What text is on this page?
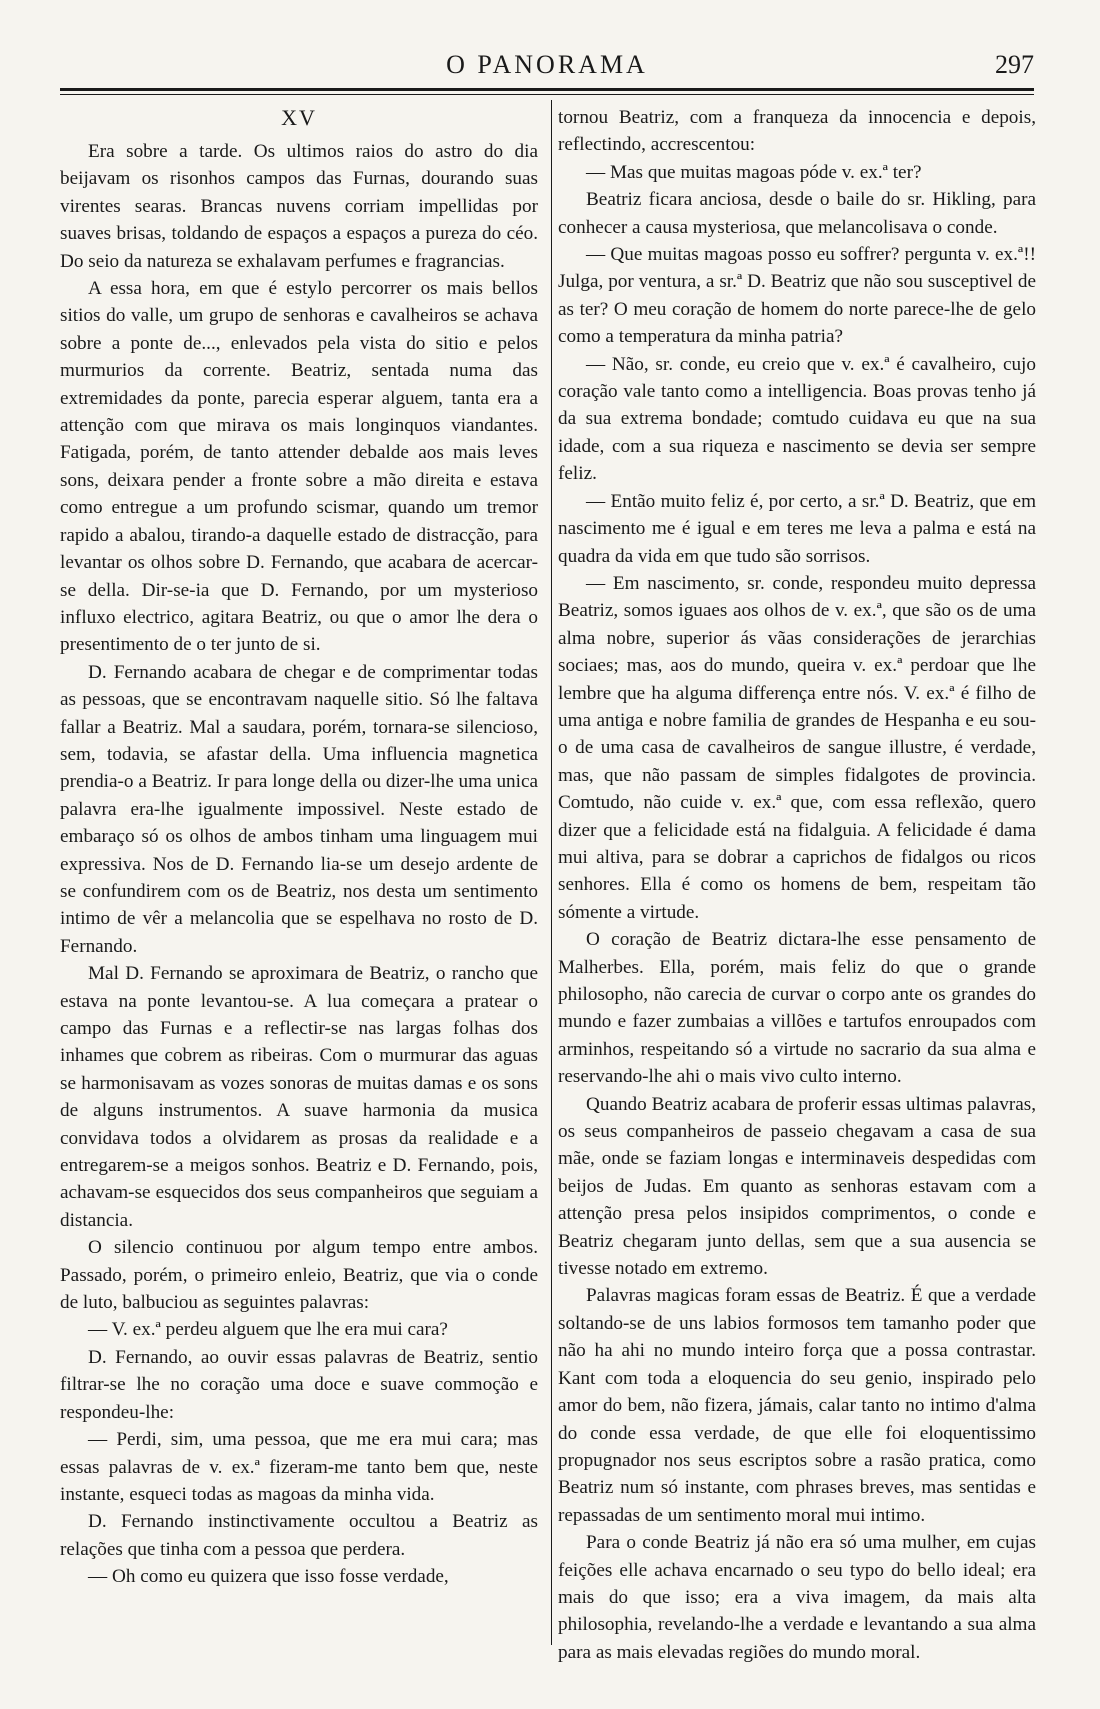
O PANORAMA	297
XV

Era sobre a tarde. Os ultimos raios do astro do dia beijavam os risonhos campos das Furnas, dourando suas virentes searas. Brancas nuvens corriam impellidas por suaves brisas, toldando de espaços a espaços a pureza do céo. Do seio da natureza se exhalavam perfumes e fragrancias.

A essa hora, em que é estylo percorrer os mais bellos sitios do valle, um grupo de senhoras e cavalheiros se achava sobre a ponte de..., enlevados pela vista do sitio e pelos murmurios da corrente. Beatriz, sentada numa das extremidades da ponte, parecia esperar alguem, tanta era a attenção com que mirava os mais longinquos viandantes. Fatigada, porém, de tanto attender debalde aos mais leves sons, deixara pender a fronte sobre a mão direita e estava como entregue a um profundo scismar, quando um tremor rapido a abalou, tirando-a daquelle estado de distracção, para levantar os olhos sobre D. Fernando, que acabara de acercar-se della. Dir-se-ia que D. Fernando, por um mysterioso influxo electrico, agitara Beatriz, ou que o amor lhe dera o presentimento de o ter junto de si.

D. Fernando acabara de chegar e de comprimentar todas as pessoas, que se encontravam naquelle sitio. Só lhe faltava fallar a Beatriz. Mal a saudara, porém, tornara-se silencioso, sem, todavia, se afastar della. Uma influencia magnetica prendia-o a Beatriz. Ir para longe della ou dizer-lhe uma unica palavra era-lhe igualmente impossivel. Neste estado de embaraço só os olhos de ambos tinham uma linguagem mui expressiva. Nos de D. Fernando lia-se um desejo ardente de se confundirem com os de Beatriz, nos desta um sentimento intimo de vêr a melancolia que se espelhava no rosto de D. Fernando.

Mal D. Fernando se aproximara de Beatriz, o rancho que estava na ponte levantou-se. A lua começara a pratear o campo das Furnas e a reflectir-se nas largas folhas dos inhames que cobrem as ribeiras. Com o murmurar das aguas se harmonisavam as vozes sonoras de muitas damas e os sons de alguns instrumentos. A suave harmonia da musica convidava todos a olvidarem as prosas da realidade e a entregarem-se a meigos sonhos. Beatriz e D. Fernando, pois, achavam-se esquecidos dos seus companheiros que seguiam a distancia.

O silencio continuou por algum tempo entre ambos. Passado, porém, o primeiro enleio, Beatriz, que via o conde de luto, balbuciou as seguintes palavras:

— V. ex.ª perdeu alguem que lhe era mui cara?

D. Fernando, ao ouvir essas palavras de Beatriz, sentio filtrar-se lhe no coração uma doce e suave commoção e respondeu-lhe:

— Perdi, sim, uma pessoa, que me era mui cara; mas essas palavras de v. ex.ª fizeram-me tanto bem que, neste instante, esqueci todas as magoas da minha vida.

D. Fernando instinctivamente occultou a Beatriz as relações que tinha com a pessoa que perdera.

— Oh como eu quizera que isso fosse verdade,

tornou Beatriz, com a franqueza da innocencia e depois, reflectindo, accrescentou:

— Mas que muitas magoas póde v. ex.ª ter?

Beatriz ficara anciosa, desde o baile do sr. Hikling, para conhecer a causa mysteriosa, que melancolisava o conde.

— Que muitas magoas posso eu soffrer? pergunta v. ex.ª!! Julga, por ventura, a sr.ª D. Beatriz que não sou susceptivel de as ter? O meu coração de homem do norte parece-lhe de gelo como a temperatura da minha patria?

— Não, sr. conde, eu creio que v. ex.ª é cavalheiro, cujo coração vale tanto como a intelligencia. Boas provas tenho já da sua extrema bondade; comtudo cuidava eu que na sua idade, com a sua riqueza e nascimento se devia ser sempre feliz.

— Então muito feliz é, por certo, a sr.ª D. Beatriz, que em nascimento me é igual e em teres me leva a palma e está na quadra da vida em que tudo são sorrisos.

— Em nascimento, sr. conde, respondeu muito depressa Beatriz, somos iguaes aos olhos de v. ex.ª, que são os de uma alma nobre, superior ás vãas considerações de jerarchias sociaes; mas, aos do mundo, queira v. ex.ª perdoar que lhe lembre que ha alguma differença entre nós. V. ex.ª é filho de uma antiga e nobre familia de grandes de Hespanha e eu sou-o de uma casa de cavalheiros de sangue illustre, é verdade, mas, que não passam de simples fidalgotes de provincia. Comtudo, não cuide v. ex.ª que, com essa reflexão, quero dizer que a felicidade está na fidalguia. A felicidade é dama mui altiva, para se dobrar a caprichos de fidalgos ou ricos senhores. Ella é como os homens de bem, respeitam tão sómente a virtude.

O coração de Beatriz dictara-lhe esse pensamento de Malherbes. Ella, porém, mais feliz do que o grande philosopho, não carecia de curvar o corpo ante os grandes do mundo e fazer zumbaias a villões e tartufos enroupados com arminhos, respeitando só a virtude no sacrario da sua alma e reservando-lhe ahi o mais vivo culto interno.

Quando Beatriz acabara de proferir essas ultimas palavras, os seus companheiros de passeio chegavam a casa de sua mãe, onde se faziam longas e interminaveis despedidas com beijos de Judas. Em quanto as senhoras estavam com a attenção presa pelos insipidos comprimentos, o conde e Beatriz chegaram junto dellas, sem que a sua ausencia se tivesse notado em extremo.

Palavras magicas foram essas de Beatriz. É que a verdade soltando-se de uns labios formosos tem tamanho poder que não ha ahi no mundo inteiro força que a possa contrastar. Kant com toda a eloquencia do seu genio, inspirado pelo amor do bem, não fizera, jámais, calar tanto no intimo d'alma do conde essa verdade, de que elle foi eloquentissimo propugnador nos seus escriptos sobre a rasão pratica, como Beatriz num só instante, com phrases breves, mas sentidas e repassadas de um sentimento moral mui intimo.

Para o conde Beatriz já não era só uma mulher, em cujas feições elle achava encarnado o seu typo do bello ideal; era mais do que isso; era a viva imagem, da mais alta philosophia, revelando-lhe a verdade e levantando a sua alma para as mais elevadas regiões do mundo moral.
